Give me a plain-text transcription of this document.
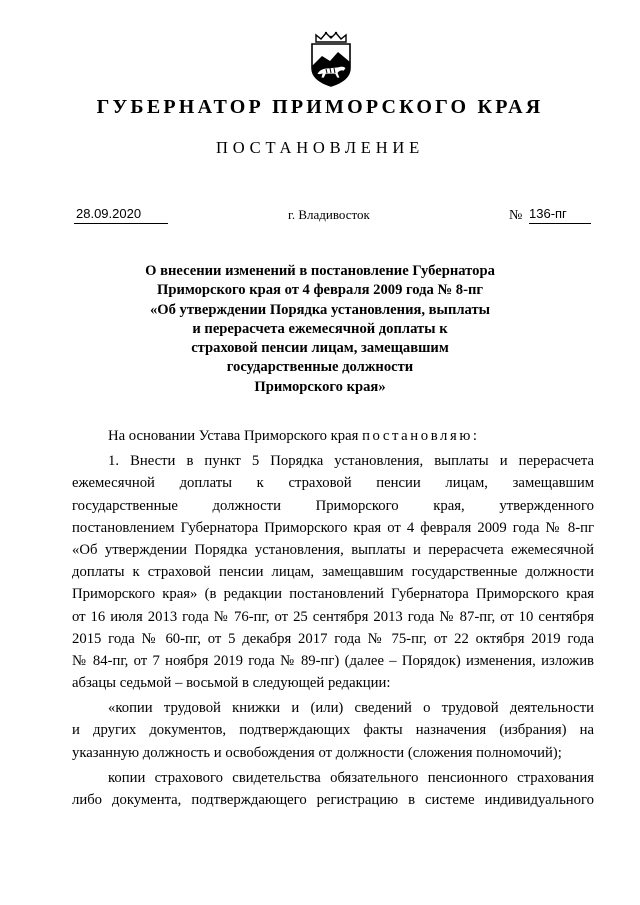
ГУБЕРНАТОР ПРИМОРСКОГО КРАЯ
ПОСТАНОВЛЕНИЕ
28.09.2020	г. Владивосток	№ 136-пг
О внесении изменений в постановление Губернатора
Приморского края от 4 февраля 2009 года № 8-пг
«Об утверждении Порядка установления, выплаты
и перерасчета ежемесячной доплаты к
страховой пенсии лицам, замещавшим
государственные должности
Приморского края»
На основании Устава Приморского края постановляю:
1. Внести в пункт 5 Порядка установления, выплаты и перерасчета
ежемесячной доплаты к страховой пенсии лицам, замещавшим
государственные должности Приморского края, утвержденного
постановлением Губернатора Приморского края от 4 февраля 2009 года № 8-пг
«Об утверждении Порядка установления, выплаты и перерасчета ежемесячной
доплаты к страховой пенсии лицам, замещавшим государственные должности
Приморского края» (в редакции постановлений Губернатора Приморского края
от 16 июля 2013 года № 76-пг, от 25 сентября 2013 года № 87-пг, от 10 сентября
2015 года № 60-пг, от 5 декабря 2017 года № 75-пг, от 22 октября 2019 года
№ 84-пг, от 7 ноября 2019 года № 89-пг) (далее – Порядок) изменения, изложив
абзацы седьмой – восьмой в следующей редакции:
«копии трудовой книжки и (или) сведений о трудовой деятельности
и других документов, подтверждающих факты назначения (избрания) на
указанную должность и освобождения от должности (сложения полномочий);
копии страхового свидетельства обязательного пенсионного страхования
либо документа, подтверждающего регистрацию в системе индивидуального
